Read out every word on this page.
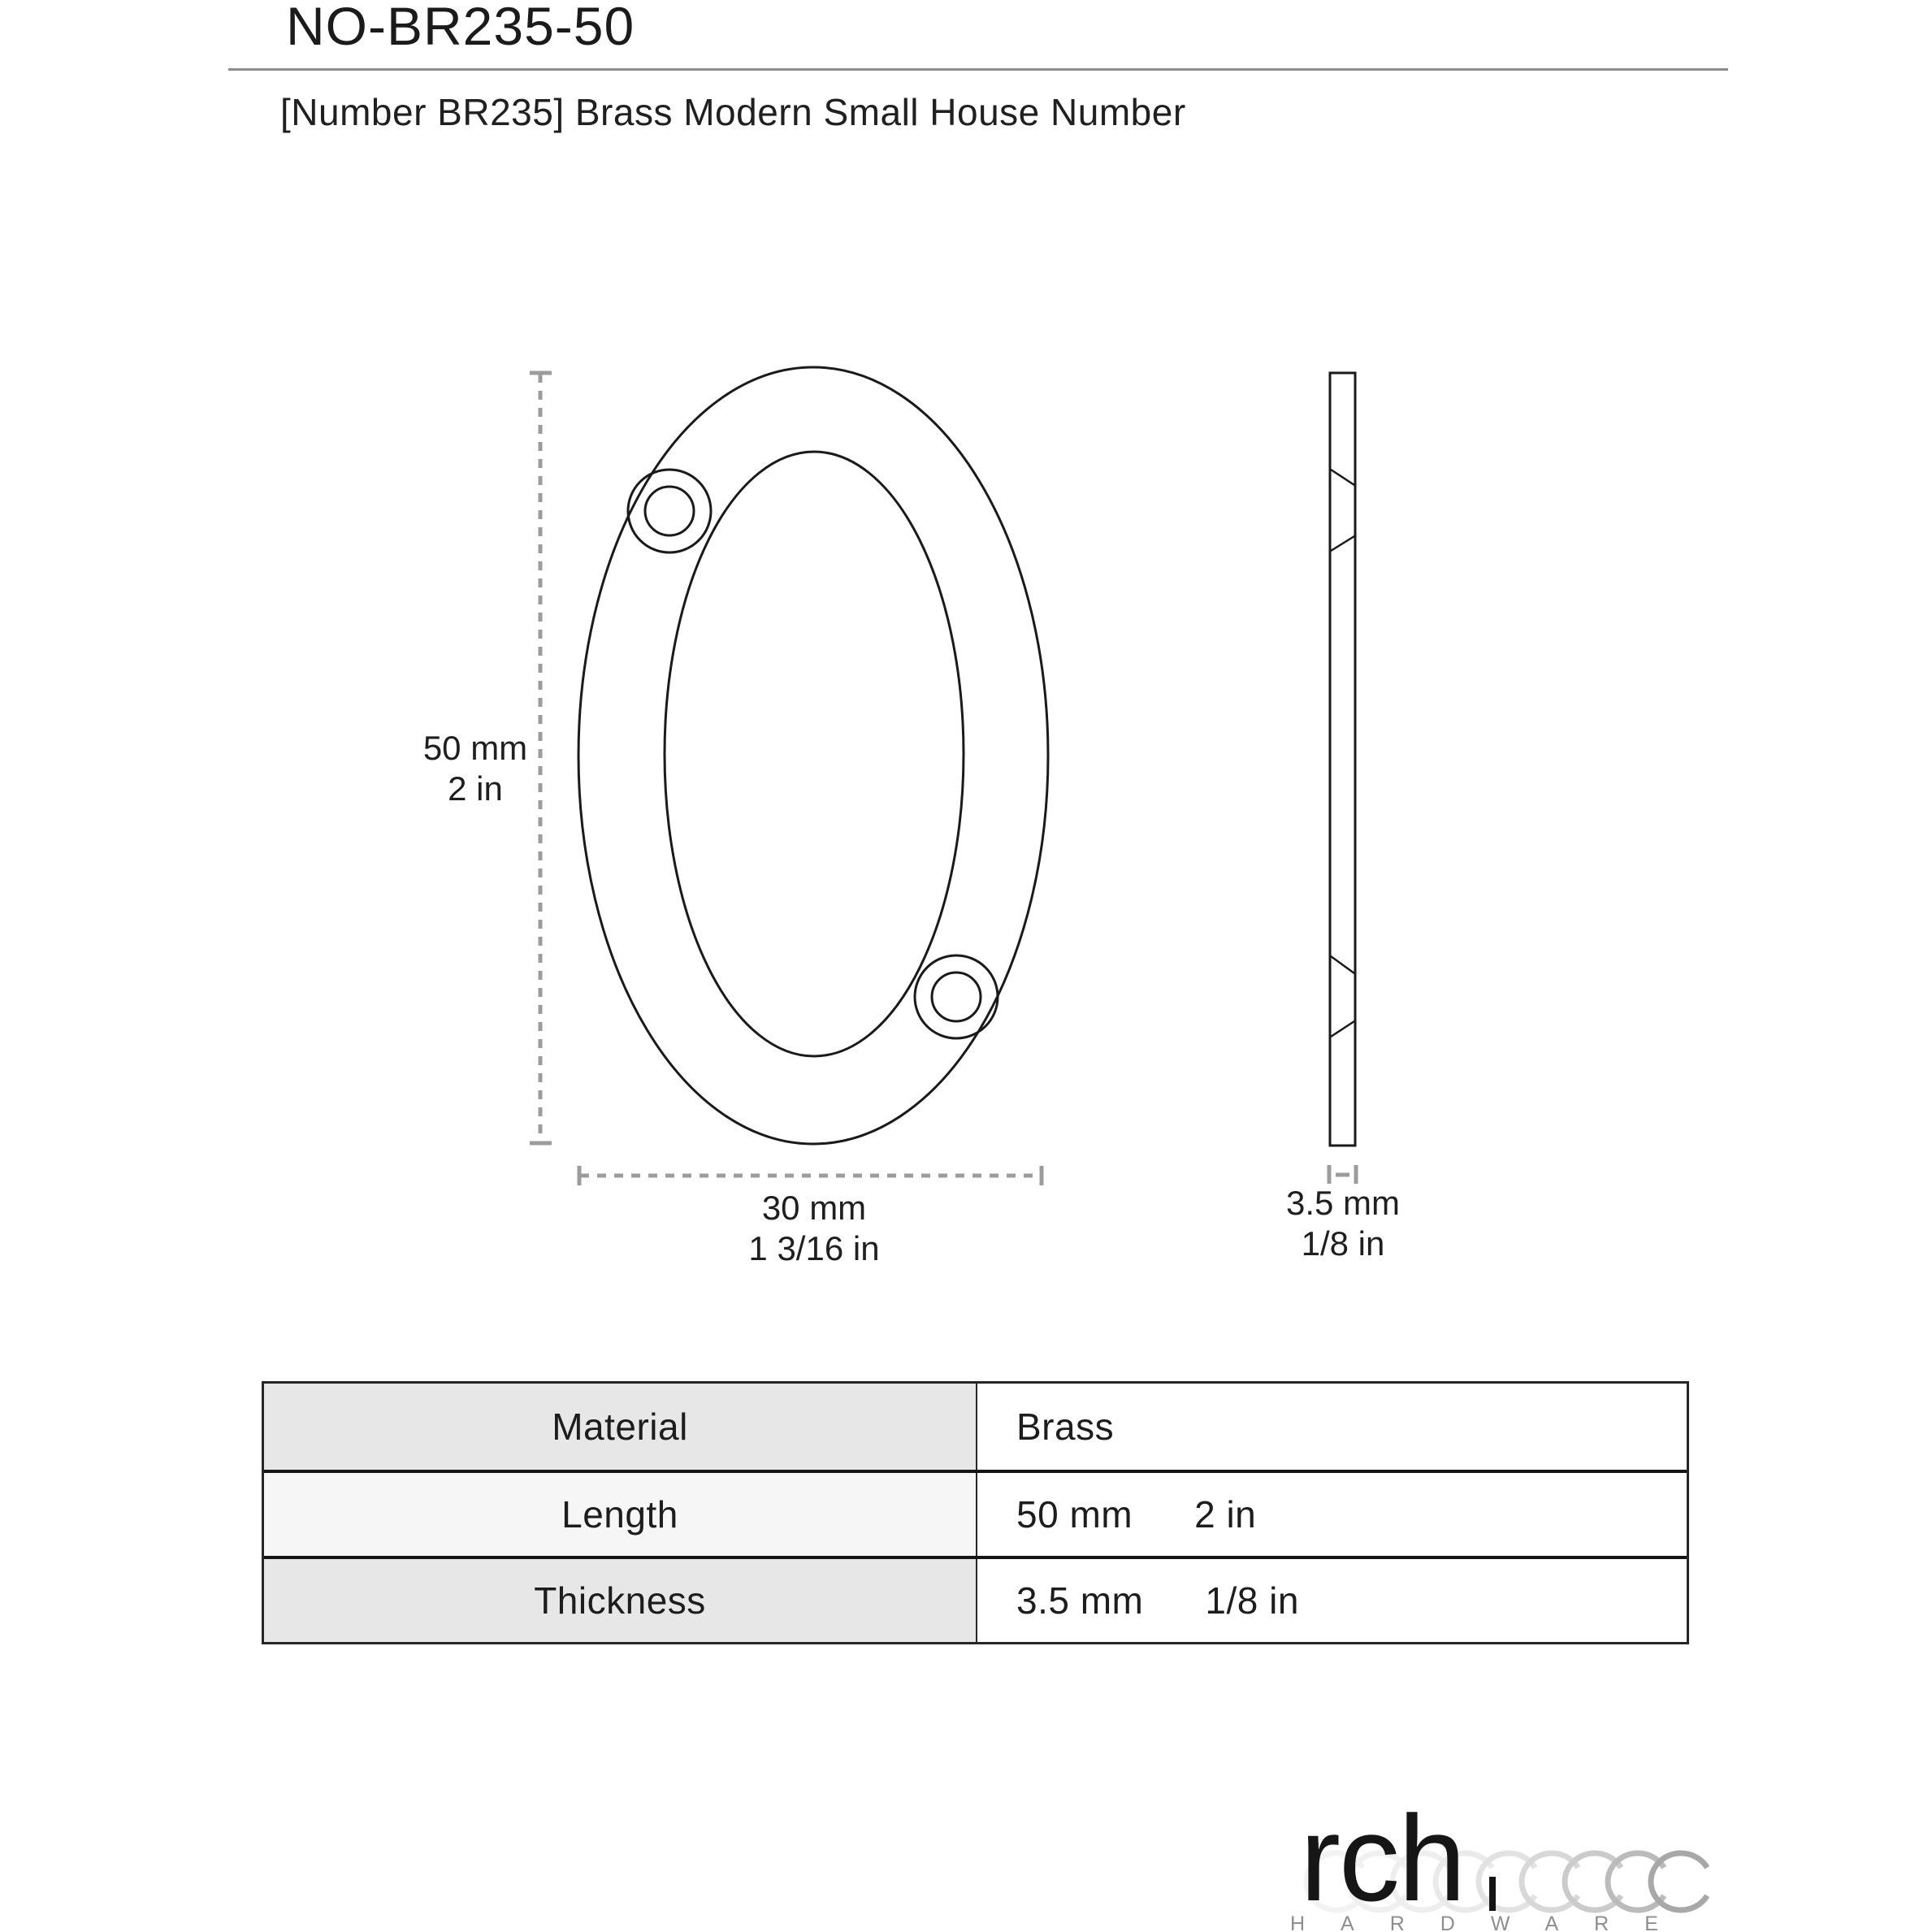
NO-BR235-50
[Number BR235] Brass Modern Small House Number
50 mm
2 in
30 mm
1 3/16 in
3.5 mm
1/8 in
Material	Brass
Length	50 mm 2 in
Thickness	3.5 mm 1/8 in
rch
HARDWARE
